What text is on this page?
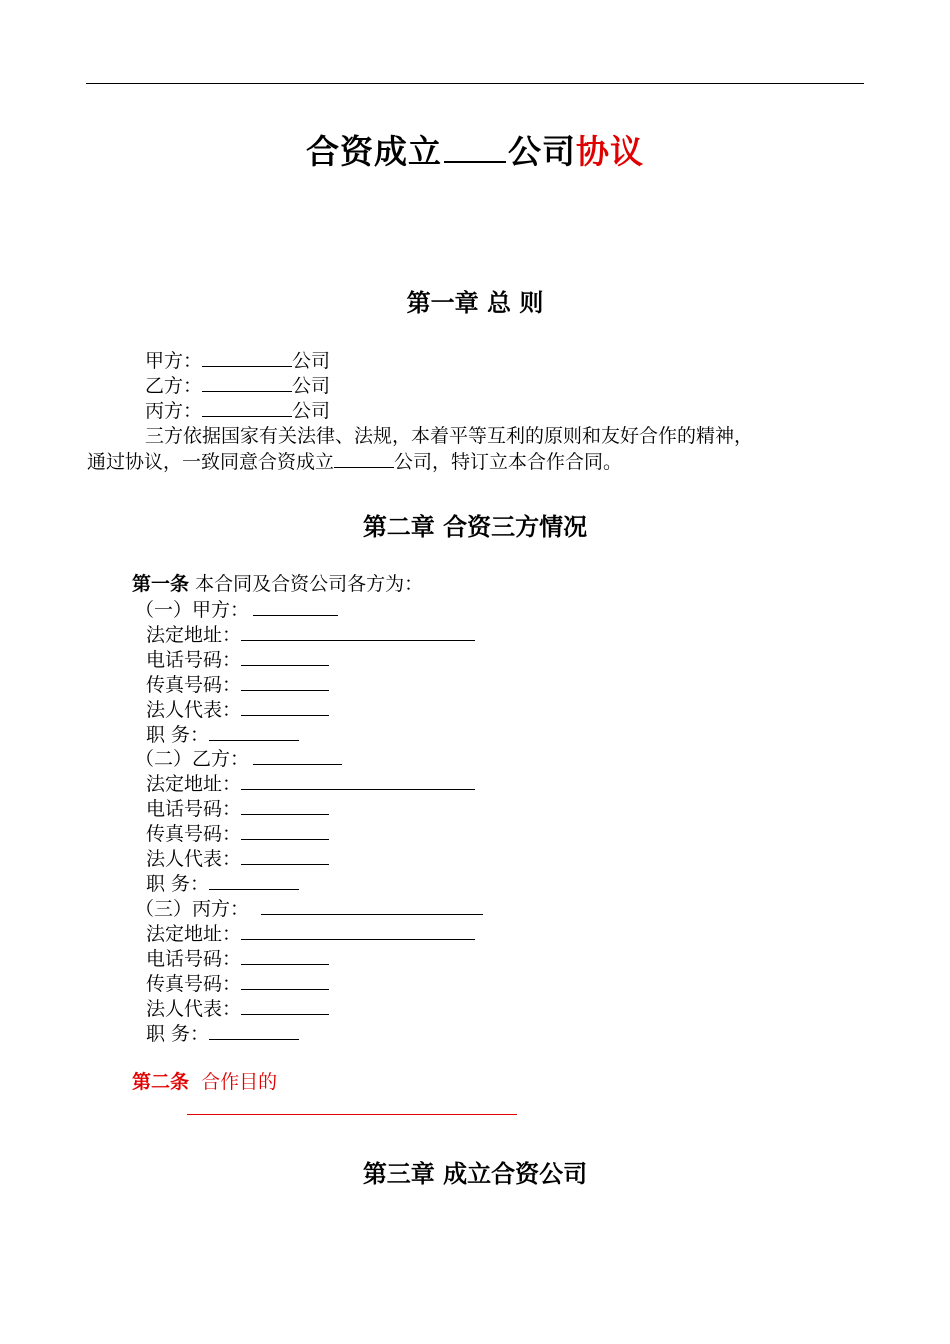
合资成立 公司协议
第一章 总 则
甲方：	公司
乙方：	公司
丙方：	公司
三方依据国家有关法律、法规，本着平等互利的原则和友好合作的精神，
通过协议，一致同意合资成立	公司，特订立本合作合同。
第二章 合资三方情况
第一条 本合同及合资公司各方为：
（一）甲方：
法定地址：
电话号码：
传真号码：
法人代表：
职 务：
（二）乙方：
法定地址：
电话号码：
传真号码：
法人代表：
职 务：
（三）丙方：
法定地址：
电话号码：
传真号码：
法人代表：
职 务：
第二条 合作目的
第三章 成立合资公司
